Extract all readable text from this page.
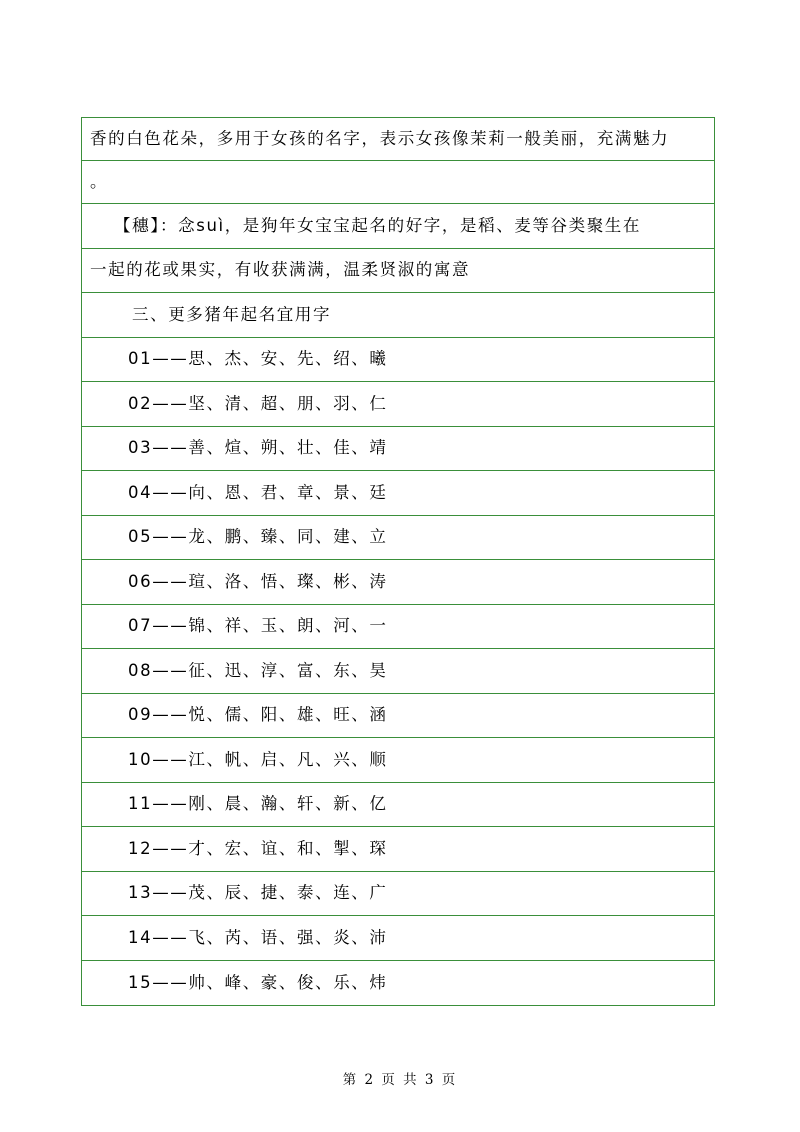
香的白色花朵，多用于女孩的名字，表示女孩像茉莉一般美丽，充满魅力
。
【穗】：念suì，是狗年女宝宝起名的好字，是稻、麦等谷类聚生在
一起的花或果实，有收获满满，温柔贤淑的寓意
三、更多猪年起名宜用字
01——思、杰、安、先、绍、曦
02——坚、清、超、朋、羽、仁
03——善、煊、朔、壮、佳、靖
04——向、恩、君、章、景、廷
05——龙、鹏、臻、同、建、立
06——瑄、洛、悟、璨、彬、涛
07——锦、祥、玉、朗、河、一
08——征、迅、淳、富、东、昊
09——悦、儒、阳、雄、旺、涵
10——江、帆、启、凡、兴、顺
11——刚、晨、瀚、轩、新、亿
12——才、宏、谊、和、掣、琛
13——茂、辰、捷、泰、连、广
14——飞、芮、语、强、炎、沛
15——帅、峰、豪、俊、乐、炜
第 2 页 共 3 页
